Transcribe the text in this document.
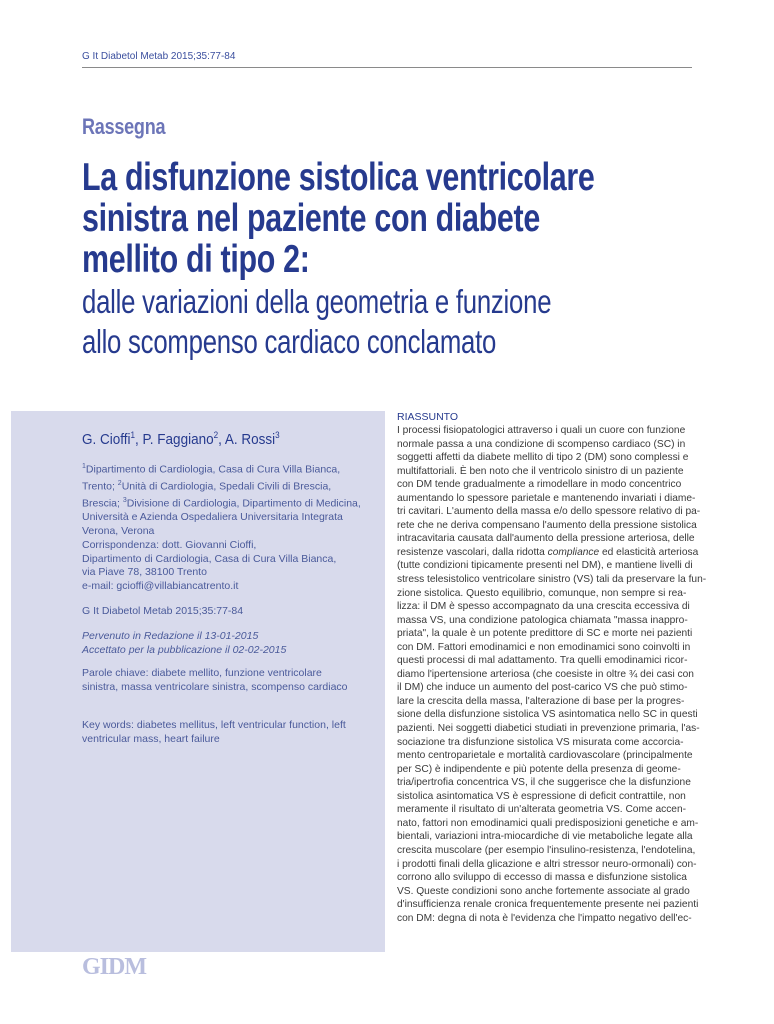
G It Diabetol Metab 2015;35:77-84
Rassegna
La disfunzione sistolica ventricolare
sinistra nel paziente con diabete
mellito di tipo 2:
dalle variazioni della geometria e funzione
allo scompenso cardiaco conclamato
G. Cioffi$^1$, P. Faggiano$^2$, A. Rossi$^3$

$^1$Dipartimento di Cardiologia, Casa di Cura Villa Bianca, Trento; $^2$Unità di Cardiologia, Spedali Civili di Brescia, Brescia; $^3$Divisione di Cardiologia, Dipartimento di Medicina, Università e Azienda Ospedaliera Universitaria Integrata Verona, Verona

Corrispondenza: dott. Giovanni Cioffi,

Dipartimento di Cardiologia, Casa di Cura Villa Bianca,

via Piave 78, 38100 Trento

e-mail: gcioffi@villabiancatrento.it

G It Diabetol Metab 2015;35:77-84

Pervenuto in Redazione il 13-01-2015

Accettato per la pubblicazione il 02-02-2015

Parole chiave: diabete mellito, funzione ventricolare sinistra, massa ventricolare sinistra, scompenso cardiaco
Key words: diabetes mellitus, left ventricular function, left ventricular mass, heart failure
RIASSUNTO
I processi fisiopatologici attraverso i quali un cuore con funzione
normale passa a una condizione di scompenso cardiaco (SC) in
soggetti affetti da diabete mellito di tipo 2 (DM) sono complessi e
multifattoriali. È ben noto che il ventricolo sinistro di un paziente
con DM tende gradualmente a rimodellare in modo concentrico
aumentando lo spessore parietale e mantenendo invariati i diame-
tri cavitari. L'aumento della massa e/o dello spessore relativo di pa-
rete che ne deriva compensano l'aumento della pressione sistolica
intracavitaria causata dall'aumento della pressione arteriosa, delle
resistenze vascolari, dalla ridotta compliance ed elasticità arteriosa
(tutte condizioni tipicamente presenti nel DM), e mantiene livelli di
stress telesistolico ventricolare sinistro (VS) tali da preservare la fun-
zione sistolica. Questo equilibrio, comunque, non sempre si rea-
lizza: il DM è spesso accompagnato da una crescita eccessiva di
massa VS, una condizione patologica chiamata "massa inappro-
priata", la quale è un potente predittore di SC e morte nei pazienti
con DM. Fattori emodinamici e non emodinamici sono coinvolti in
questi processi di mal adattamento. Tra quelli emodinamici ricor-
diamo l'ipertensione arteriosa (che coesiste in oltre ¾ dei casi con
il DM) che induce un aumento del post-carico VS che può stimo-
lare la crescita della massa, l'alterazione di base per la progres-
sione della disfunzione sistolica VS asintomatica nello SC in questi
pazienti. Nei soggetti diabetici studiati in prevenzione primaria, l'as-
sociazione tra disfunzione sistolica VS misurata come accorcia-
mento centroparietale e mortalità cardiovascolare (principalmente
per SC) è indipendente e più potente della presenza di geome-
tria/ipertrofia concentrica VS, il che suggerisce che la disfunzione
sistolica asintomatica VS è espressione di deficit contrattile, non
meramente il risultato di un'alterata geometria VS. Come accen-
nato, fattori non emodinamici quali predisposizioni genetiche e am-
bientali, variazioni intra-miocardiche di vie metaboliche legate alla
crescita muscolare (per esempio l'insulino-resistenza, l'endotelina,
i prodotti finali della glicazione e altri stressor neuro-ormonali) con-
corrono allo sviluppo di eccesso di massa e disfunzione sistolica
VS. Queste condizioni sono anche fortemente associate al grado
d'insufficienza renale cronica frequentemente presente nei pazienti
con DM: degna di nota è l'evidenza che l'impatto negativo dell'ec-
GIDM
